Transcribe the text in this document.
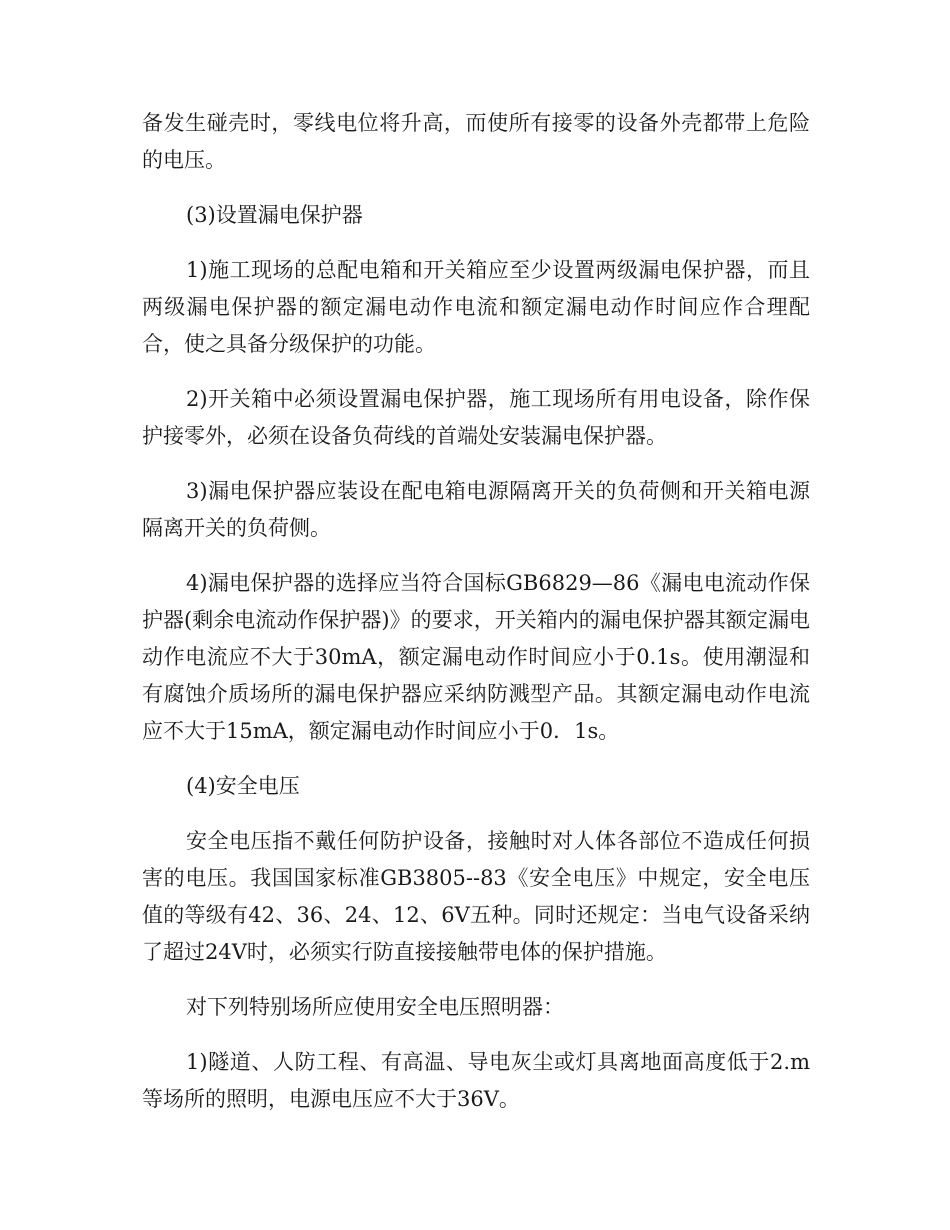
备发生碰壳时，零线电位将升高，而使所有接零的设备外壳都带上危险的电压。

(3)设置漏电保护器

1)施工现场的总配电箱和开关箱应至少设置两级漏电保护器，而且两级漏电保护器的额定漏电动作电流和额定漏电动作时间应作合理配合，使之具备分级保护的功能。

2)开关箱中必须设置漏电保护器，施工现场所有用电设备，除作保护接零外，必须在设备负荷线的首端处安装漏电保护器。

3)漏电保护器应装设在配电箱电源隔离开关的负荷侧和开关箱电源隔离开关的负荷侧。

4)漏电保护器的选择应当符合国标GB6829—86《漏电电流动作保护器(剩余电流动作保护器)》的要求，开关箱内的漏电保护器其额定漏电动作电流应不大于30mA，额定漏电动作时间应小于0.1s。使用潮湿和有腐蚀介质场所的漏电保护器应采纳防溅型产品。其额定漏电动作电流应不大于15mA，额定漏电动作时间应小于0．1s。

(4)安全电压

安全电压指不戴任何防护设备，接触时对人体各部位不造成任何损害的电压。我国国家标准GB3805--83《安全电压》中规定，安全电压值的等级有42、36、24、12、6V五种。同时还规定：当电气设备采纳了超过24V时，必须实行防直接接触带电体的保护措施。

对下列特别场所应使用安全电压照明器：

1)隧道、人防工程、有高温、导电灰尘或灯具离地面高度低于2.m等场所的照明，电源电压应不大于36V。
